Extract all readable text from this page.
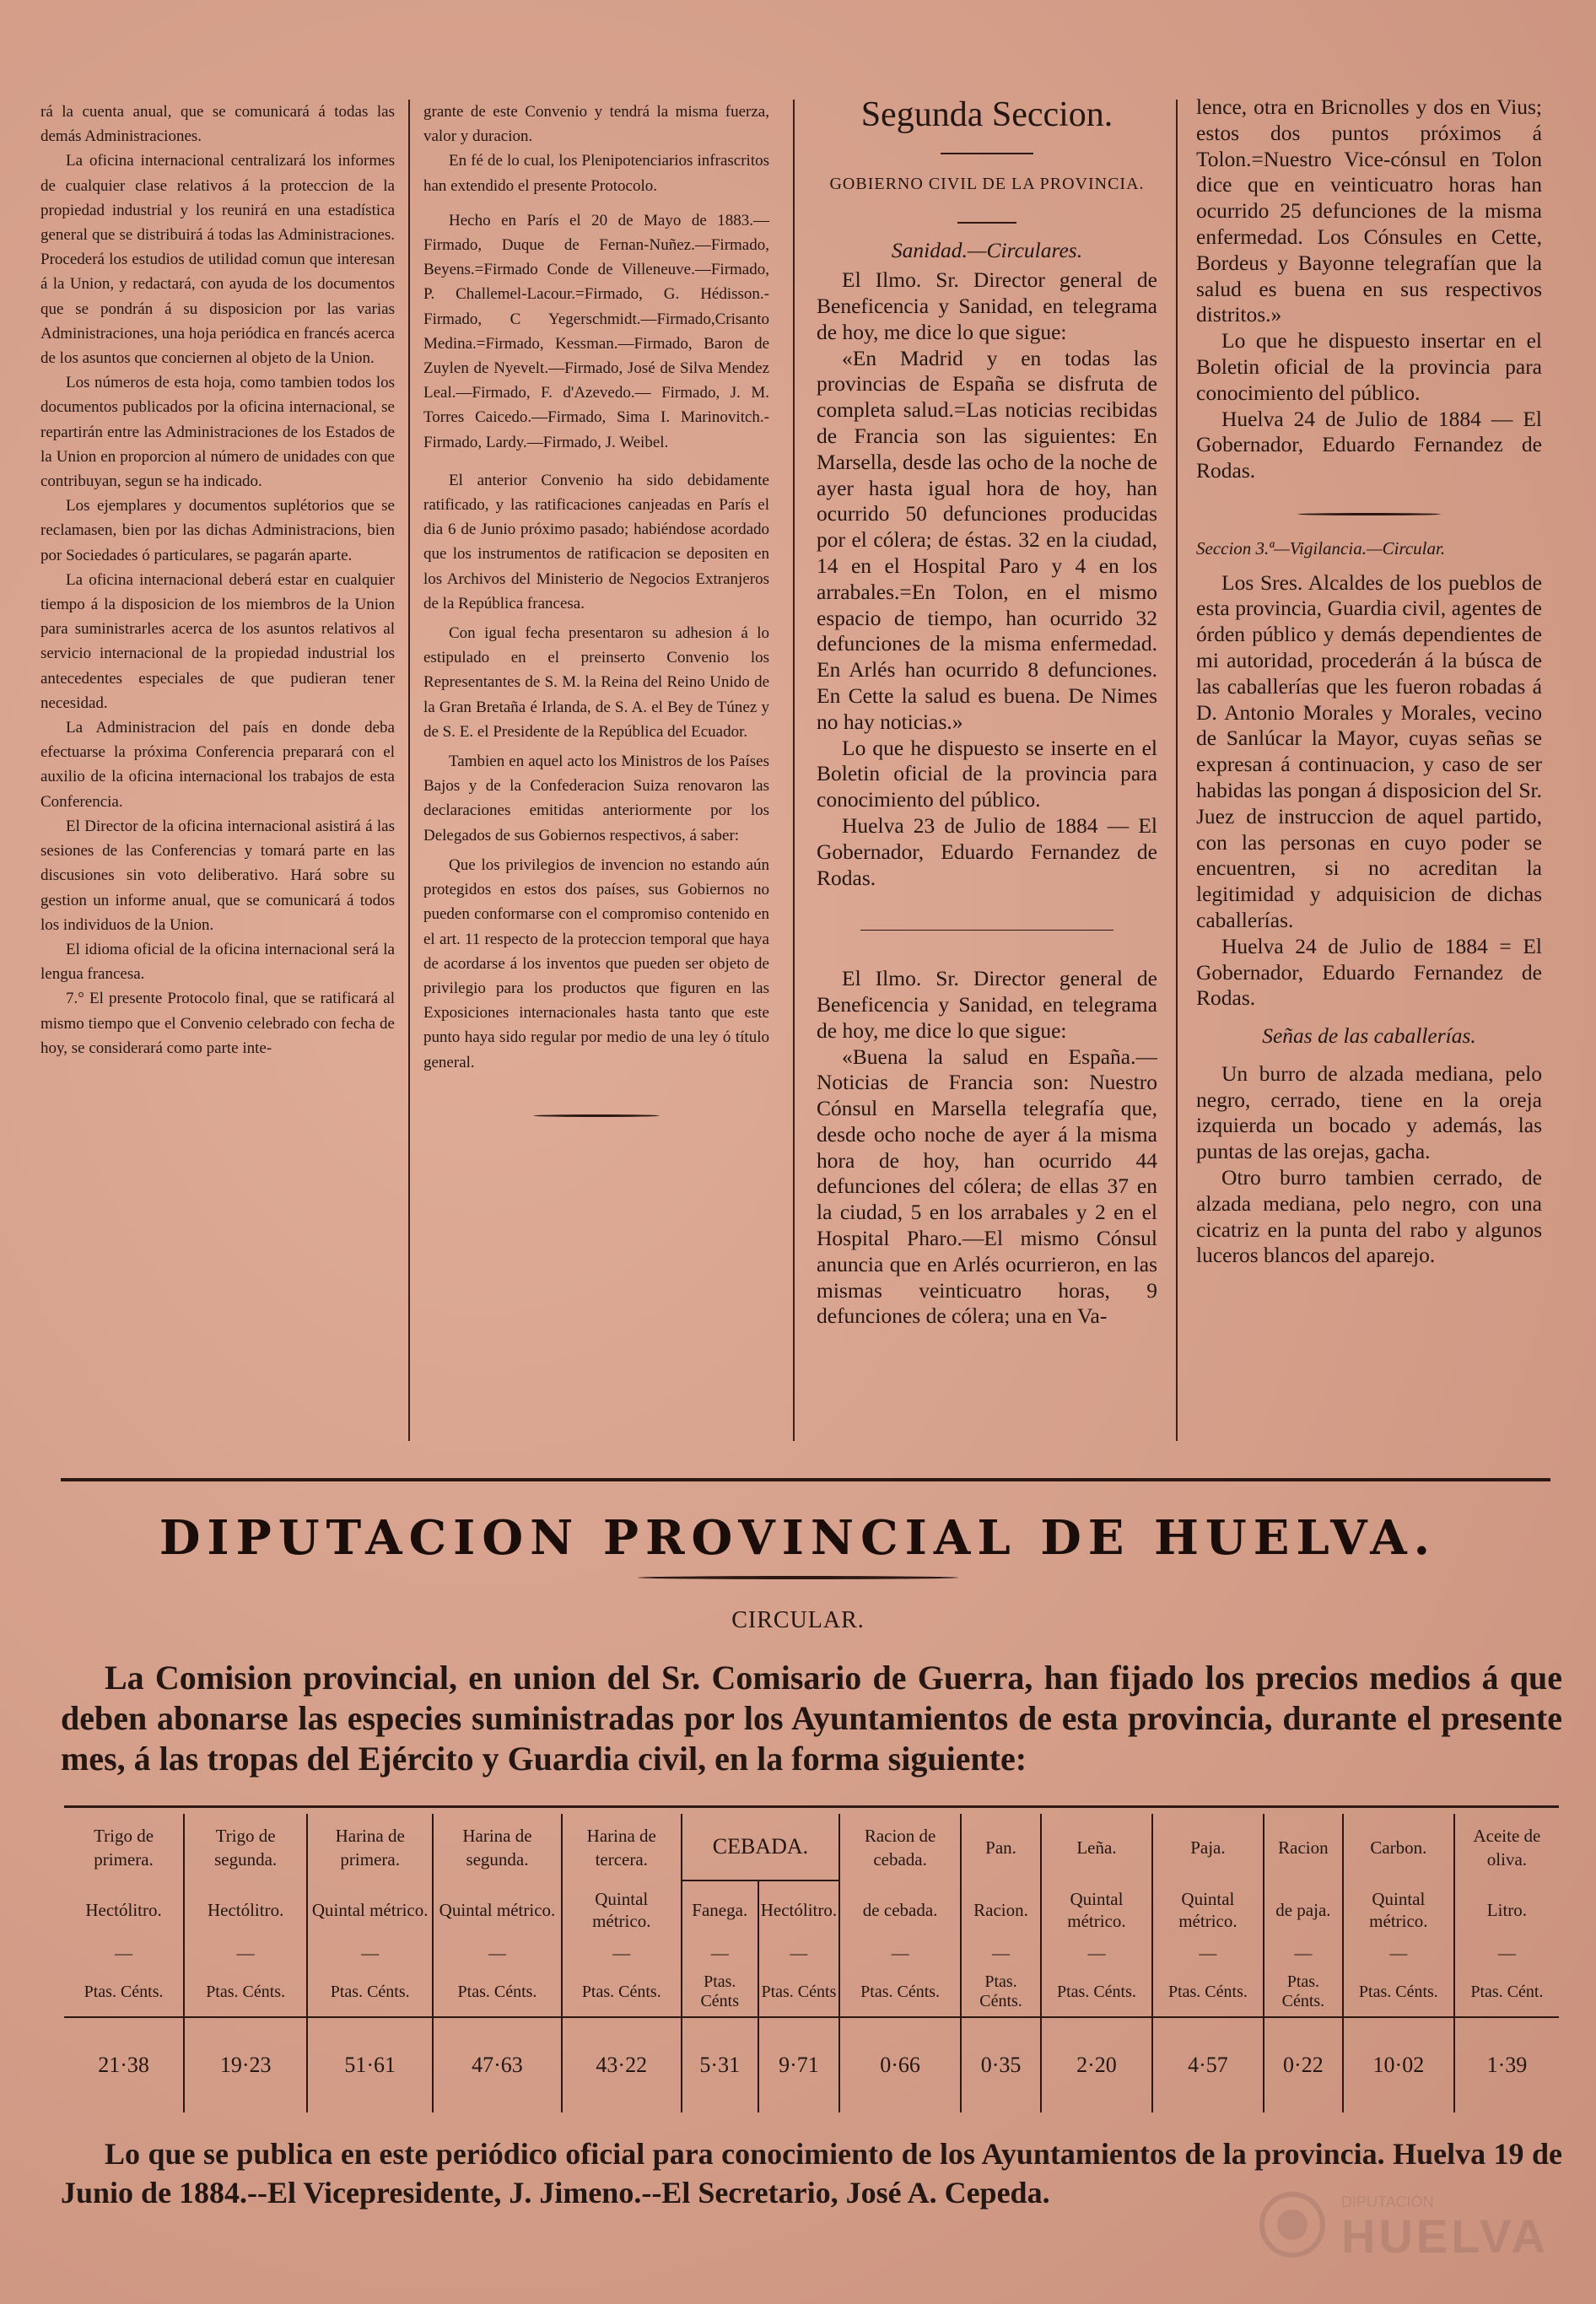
rá la cuenta anual, que se comunicará á todas las demás Administraciones.

La oficina internacional centralizará los informes de cualquier clase relativos á la proteccion de la propiedad industrial y los reunirá en una estadística general que se distribuirá á todas las Administraciones. Procederá los estudios de utilidad comun que interesan á la Union, y redactará, con ayuda de los documentos que se pondrán á su disposicion por las varias Administraciones, una hoja periódica en francés acerca de los asuntos que conciernen al objeto de la Union.

Los números de esta hoja, como tambien todos los documentos publicados por la oficina internacional, se repartirán entre las Administraciones de los Estados de la Union en proporcion al número de unidades con que contribuyan, segun se ha indicado.

Los ejemplares y documentos suplétorios que se reclamasen, bien por las dichas Administracions, bien por Sociedades ó particulares, se pagarán aparte.

La oficina internacional deberá estar en cualquier tiempo á la disposicion de los miembros de la Union para suministrarles acerca de los asuntos relativos al servicio internacional de la propiedad industrial los antecedentes especiales de que pudieran tener necesidad.

La Administracion del país en donde deba efectuarse la próxima Conferencia preparará con el auxilio de la oficina internacional los trabajos de esta Conferencia.

El Director de la oficina internacional asistirá á las sesiones de las Conferencias y tomará parte en las discusiones sin voto deliberativo. Hará sobre su gestion un informe anual, que se comunicará á todos los individuos de la Union.

El idioma oficial de la oficina internacional será la lengua francesa.

7.° El presente Protocolo final, que se ratificará al mismo tiempo que el Convenio celebrado con fecha de hoy, se considerará como parte inte-

grante de este Convenio y tendrá la misma fuerza, valor y duracion.

En fé de lo cual, los Plenipotenciarios infrascritos han extendido el presente Protocolo.

Hecho en París el 20 de Mayo de 1883.—Firmado, Duque de Fernan-Nuñez.—Firmado, Beyens.=Firmado Conde de Villeneuve.—Firmado, P. Challemel-Lacour.=Firmado, G. Hédisson.-Firmado, C Yegerschmidt.—Firmado,Crisanto Medina.=Firmado, Kessman.—Firmado, Baron de Zuylen de Nyevelt.—Firmado, José de Silva Mendez Leal.—Firmado, F. d'Azevedo.— Firmado, J. M. Torres Caicedo.—Firmado, Sima I. Marinovitch.-Firmado, Lardy.—Firmado, J. Weibel.

El anterior Convenio ha sido debidamente ratificado, y las ratificaciones canjeadas en París el dia 6 de Junio próximo pasado; habiéndose acordado que los instrumentos de ratificacion se depositen en los Archivos del Ministerio de Negocios Extranjeros de la República francesa.

Con igual fecha presentaron su adhesion á lo estipulado en el preinserto Convenio los Representantes de S. M. la Reina del Reino Unido de la Gran Bretaña é Irlanda, de S. A. el Bey de Túnez y de S. E. el Presidente de la República del Ecuador.

Tambien en aquel acto los Ministros de los Países Bajos y de la Confederacion Suiza renovaron las declaraciones emitidas anteriormente por los Delegados de sus Gobiernos respectivos, á saber:

Que los privilegios de invencion no estando aún protegidos en estos dos países, sus Gobiernos no pueden conformarse con el compromiso contenido en el art. 11 respecto de la proteccion temporal que haya de acordarse á los inventos que pueden ser objeto de privilegio para los productos que figuren en las Exposiciones internacionales hasta tanto que este punto haya sido regular por medio de una ley ó título general.

Segunda Seccion.

GOBIERNO CIVIL DE LA PROVINCIA.

Sanidad.—Circulares.

El Ilmo. Sr. Director general de Beneficencia y Sanidad, en telegrama de hoy, me dice lo que sigue:

«En Madrid y en todas las provincias de España se disfruta de completa salud.=Las noticias recibidas de Francia son las siguientes: En Marsella, desde las ocho de la noche de ayer hasta igual hora de hoy, han ocurrido 50 defunciones producidas por el cólera; de éstas. 32 en la ciudad, 14 en el Hospital Paro y 4 en los arrabales.=En Tolon, en el mismo espacio de tiempo, han ocurrido 32 defunciones de la misma enfermedad. En Arlés han ocurrido 8 defunciones. En Cette la salud es buena. De Nimes no hay noticias.»

Lo que he dispuesto se inserte en el Boletin oficial de la provincia para conocimiento del público.

Huelva 23 de Julio de 1884 — El Gobernador, Eduardo Fernandez de Rodas.

El Ilmo. Sr. Director general de Beneficencia y Sanidad, en telegrama de hoy, me dice lo que sigue:

«Buena la salud en España.—Noticias de Francia son: Nuestro Cónsul en Marsella telegrafía que, desde ocho noche de ayer á la misma hora de hoy, han ocurrido 44 defunciones del cólera; de ellas 37 en la ciudad, 5 en los arrabales y 2 en el Hospital Pharo.—El mismo Cónsul anuncia que en Arlés ocurrieron, en las mismas veinticuatro horas, 9 defunciones de cólera; una en Va-

lence, otra en Bricnolles y dos en Vius; estos dos puntos próximos á Tolon.=Nuestro Vice-cónsul en Tolon dice que en veinticuatro horas han ocurrido 25 defunciones de la misma enfermedad. Los Cónsules en Cette, Bordeus y Bayonne telegrafían que la salud es buena en sus respectivos distritos.»

Lo que he dispuesto insertar en el Boletin oficial de la provincia para conocimiento del público.

Huelva 24 de Julio de 1884 — El Gobernador, Eduardo Fernandez de Rodas.

Seccion 3.ª—Vigilancia.—Circular.

Los Sres. Alcaldes de los pueblos de esta provincia, Guardia civil, agentes de órden público y demás dependientes de mi autoridad, procederán á la búsca de las caballerías que les fueron robadas á D. Antonio Morales y Morales, vecino de Sanlúcar la Mayor, cuyas señas se expresan á continuacion, y caso de ser habidas las pongan á disposicion del Sr. Juez de instruccion de aquel partido, con las personas en cuyo poder se encuentren, si no acreditan la legitimidad y adquisicion de dichas caballerías.

Huelva 24 de Julio de 1884 = El Gobernador, Eduardo Fernandez de Rodas.

Señas de las caballerías.

Un burro de alzada mediana, pelo negro, cerrado, tiene en la oreja izquierda un bocado y además, las puntas de las orejas, gacha.

Otro burro tambien cerrado, de alzada mediana, pelo negro, con una cicatriz en la punta del rabo y algunos luceros blancos del aparejo.

DIPUTACION PROVINCIAL DE HUELVA.
CIRCULAR.
La Comision provincial, en union del Sr. Comisario de Guerra, han fijado los precios medios á que deben abonarse las especies suministradas por los Ayuntamientos de esta provincia, durante el presente mes, á las tropas del Ejército y Guardia civil, en la forma siguiente:
Trigo de primera.	Trigo de segunda.	Harina de primera.	Harina de segunda.	Harina de tercera.	CEBADA.		Racion de cebada.	Pan.	Leña.	Paja.	Racion	Carbon.	Aceite de oliva.
Hectólitro.	Hectólitro.	Quintal métrico.	Quintal métrico.	Quintal métrico.	Fanega.	Hectólitro.	de cebada.	Racion.	Quintal métrico.	Quintal métrico.	de paja.	Quintal métrico.	Litro.
—	—	—	—	—	—	—	—	—	—	—	—	—	—
Ptas. Cénts.	Ptas. Cénts.	Ptas. Cénts.	Ptas. Cénts.	Ptas. Cénts.	Ptas. Cénts	Ptas. Cénts	Ptas. Cénts.	Ptas. Cénts.	Ptas. Cénts.	Ptas. Cénts.	Ptas. Cénts.	Ptas. Cénts.	Ptas. Cént.
21·38	19·23	51·61	47·63	43·22	5·31	9·71	0·66	0·35	2·20	4·57	0·22	10·02	1·39
Lo que se publica en este periódico oficial para conocimiento de los Ayuntamientos de la provincia. Huelva 19 de Junio de 1884.--El Vicepresidente, J. Jimeno.--El Secretario, José A. Cepeda.	DIPUTACIÓN
HUELVA
